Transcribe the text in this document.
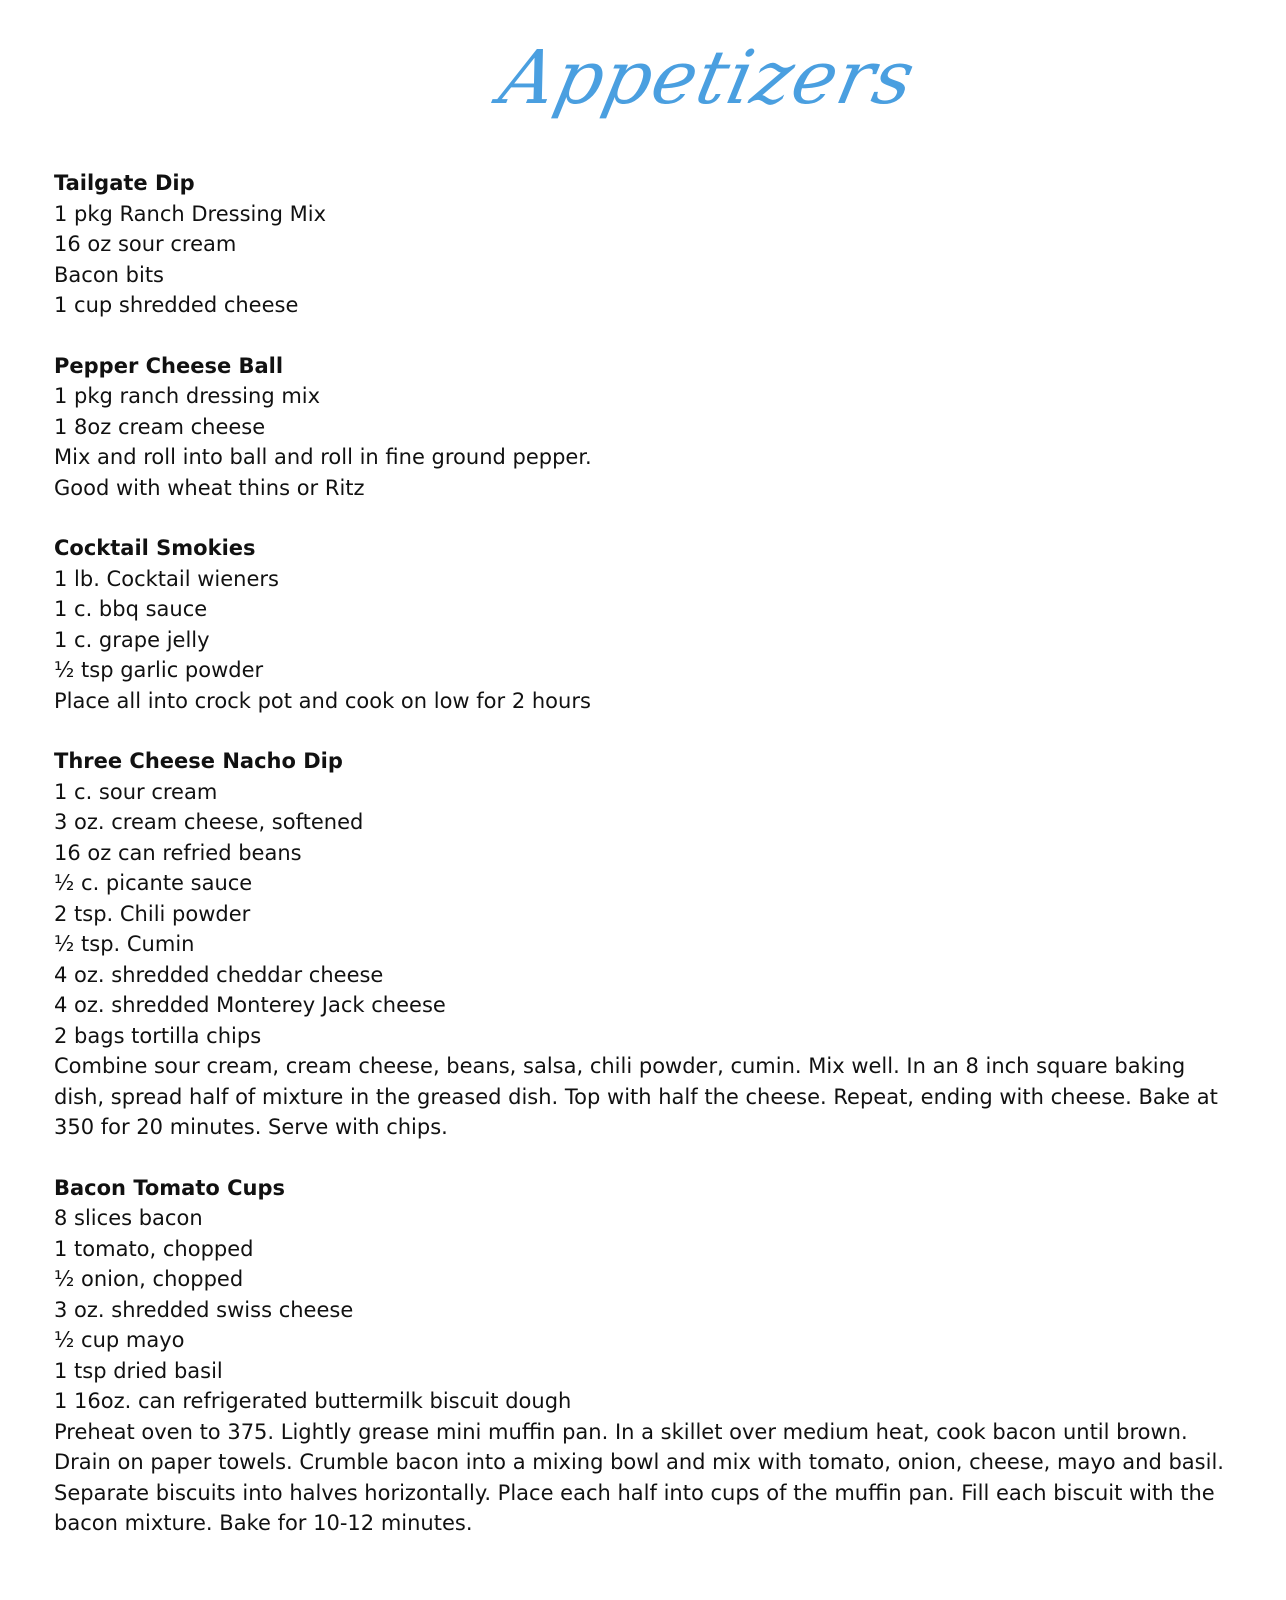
Appetizers

Tailgate Dip

1 pkg Ranch Dressing Mix

16 oz sour cream

Bacon bits

1 cup shredded cheese

Pepper Cheese Ball

1 pkg ranch dressing mix

1 8oz cream cheese

Mix and roll into ball and roll in fine ground pepper.

Good with wheat thins or Ritz

Cocktail Smokies

1 lb. Cocktail wieners

1 c. bbq sauce

1 c. grape jelly

½ tsp garlic powder

Place all into crock pot and cook on low for 2 hours

Three Cheese Nacho Dip

1 c. sour cream

3 oz. cream cheese, softened

16 oz can refried beans

½ c. picante sauce

2 tsp. Chili powder

½ tsp. Cumin

4 oz. shredded cheddar cheese

4 oz. shredded Monterey Jack cheese

2 bags tortilla chips

Combine sour cream, cream cheese, beans, salsa, chili powder, cumin. Mix well. In an 8 inch square baking dish, spread half of mixture in the greased dish. Top with half the cheese. Repeat, ending with cheese. Bake at 350 for 20 minutes. Serve with chips.

Bacon Tomato Cups

8 slices bacon

1 tomato, chopped

½ onion, chopped

3 oz. shredded swiss cheese

½ cup mayo

1 tsp dried basil

1 16oz. can refrigerated buttermilk biscuit dough

Preheat oven to 375. Lightly grease mini muffin pan. In a skillet over medium heat, cook bacon until brown. Drain on paper towels. Crumble bacon into a mixing bowl and mix with tomato, onion, cheese, mayo and basil. Separate biscuits into halves horizontally. Place each half into cups of the muffin pan. Fill each biscuit with the bacon mixture. Bake for 10-12 minutes.
